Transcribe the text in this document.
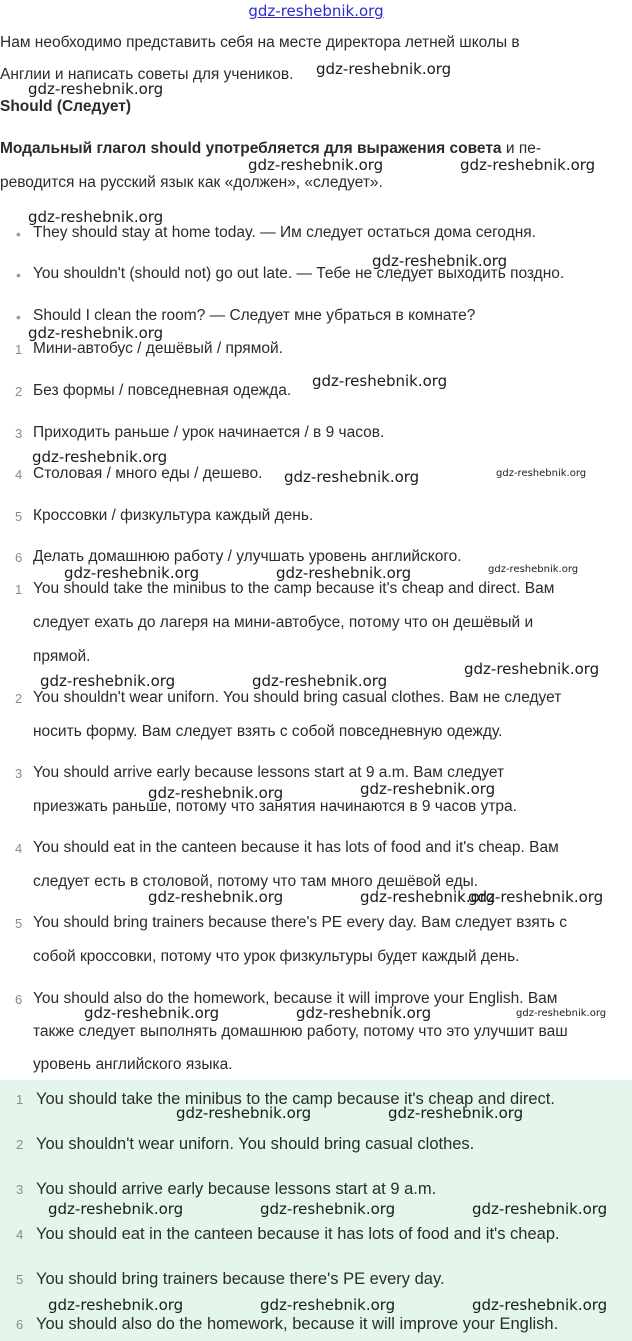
gdz-reshebnik.org
Нам необходимо представить себя на месте директора летней школы в
Англии и написать советы для учеников.
Should (Следует)
Модальный глагол should употребляется для выражения совета и пе-
реводится на русский язык как «должен», «следует».
• They should stay at home today. — Им следует остаться дома сегодня.
• You shouldn't (should not) go out late. — Тебе не следует выходить поздно.
• Should I clean the room? — Следует мне убраться в комнате?
1 Мини-автобус / дешёвый / прямой.
2 Без формы / повседневная одежда.
3 Приходить раньше / урок начинается / в 9 часов.
4 Столовая / много еды / дешево.
5 Кроссовки / физкультура каждый день.
6 Делать домашнюю работу / улучшать уровень английского.
1 You should take the minibus to the camp because it's cheap and direct. Вам
следует ехать до лагеря на мини-автобусе, потому что он дешёвый и
прямой.
2 You shouldn't wear uniforn. You should bring casual clothes. Вам не следует
носить форму. Вам следует взять с собой повседневную одежду.
3 You should arrive early because lessons start at 9 a.m. Вам следует
приезжать раньше, потому что занятия начинаются в 9 часов утра.
4 You should eat in the canteen because it has lots of food and it's cheap. Вам
следует есть в столовой, потому что там много дешёвой еды.
5 You should bring trainers because there's PE every day. Вам следует взять с
собой кроссовки, потому что урок физкультуры будет каждый день.
6 You should also do the homework, because it will improve your English. Вам
также следует выполнять домашнюю работу, потому что это улучшит ваш
уровень английского языка.
1 You should take the minibus to the camp because it's cheap and direct.
2 You shouldn't wear uniforn. You should bring casual clothes.
3 You should arrive early because lessons start at 9 a.m.
4 You should eat in the canteen because it has lots of food and it's cheap.
5 You should bring trainers because there's PE every day.
6 You should also do the homework, because it will improve your English.
gdz-reshebnik.org
gdz-reshebnik.org
gdz-reshebnik.org	gdz-reshebnik.org
gdz-reshebnik.org
gdz-reshebnik.org
gdz-reshebnik.org
gdz-reshebnik.org
gdz-reshebnik.org
gdz-reshebnik.org	gdz-reshebnik.org
gdz-reshebnik.org	gdz-reshebnik.org	gdz-reshebnik.org
gdz-reshebnik.org
gdz-reshebnik.org	gdz-reshebnik.org
gdz-reshebnik.org	gdz-reshebnik.org
gdz-reshebnik.org	gdz-reshebnik.org
gdz-reshebnik.org
gdz-reshebnik.org	gdz-reshebnik.org	gdz-reshebnik.org
gdz-reshebnik.org	gdz-reshebnik.org
gdz-reshebnik.org	gdz-reshebnik.org	gdz-reshebnik.org
gdz-reshebnik.org	gdz-reshebnik.org	gdz-reshebnik.org
